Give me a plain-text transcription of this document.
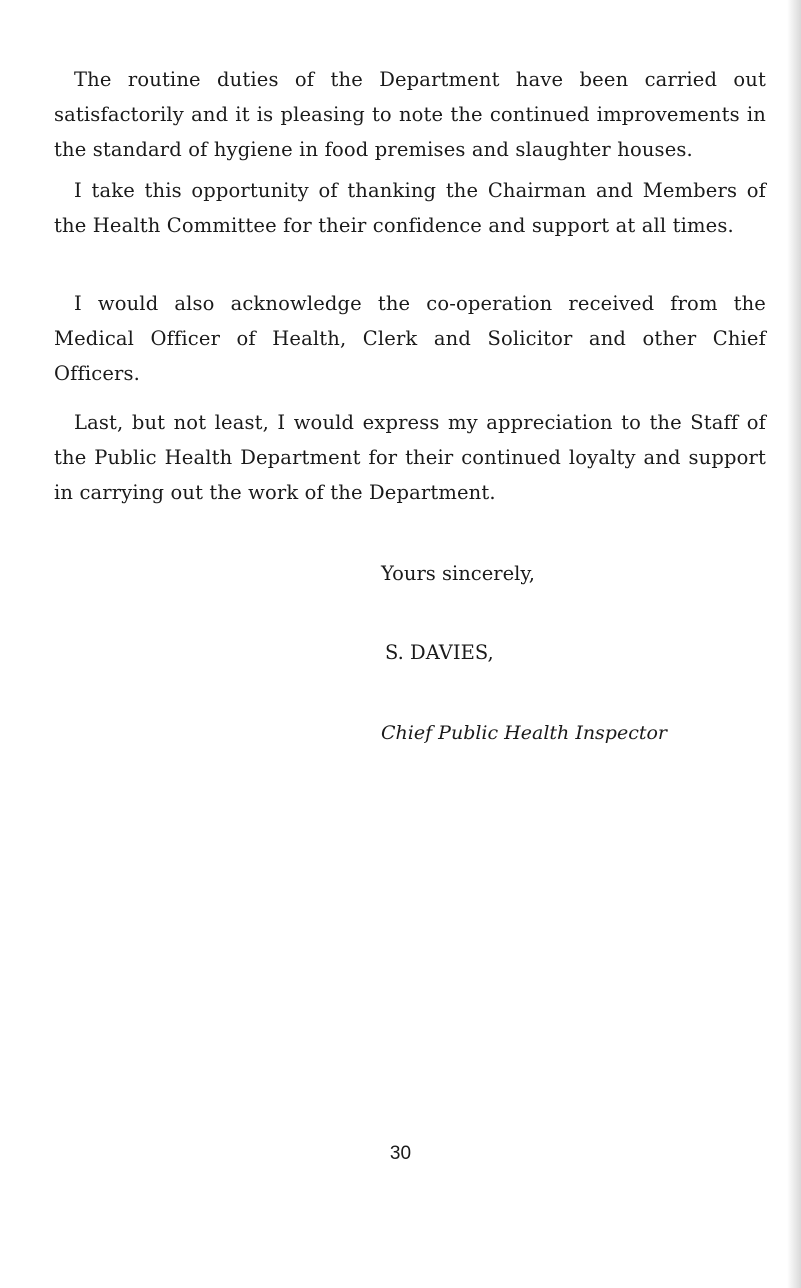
The routine duties of the Department have been carried out satisfactorily and it is pleasing to note the continued improvements in the standard of hygiene in food premises and slaughter houses.

I take this opportunity of thanking the Chairman and Members of the Health Committee for their confidence and support at all times.

I would also acknowledge the co-operation received from the Medical Officer of Health, Clerk and Solicitor and other Chief Officers.

Last, but not least, I would express my appreciation to the Staff of the Public Health Department for their continued loyalty and support in carrying out the work of the Department.

Yours sincerely,

S. DAVIES,

Chief Public Health Inspector

30
